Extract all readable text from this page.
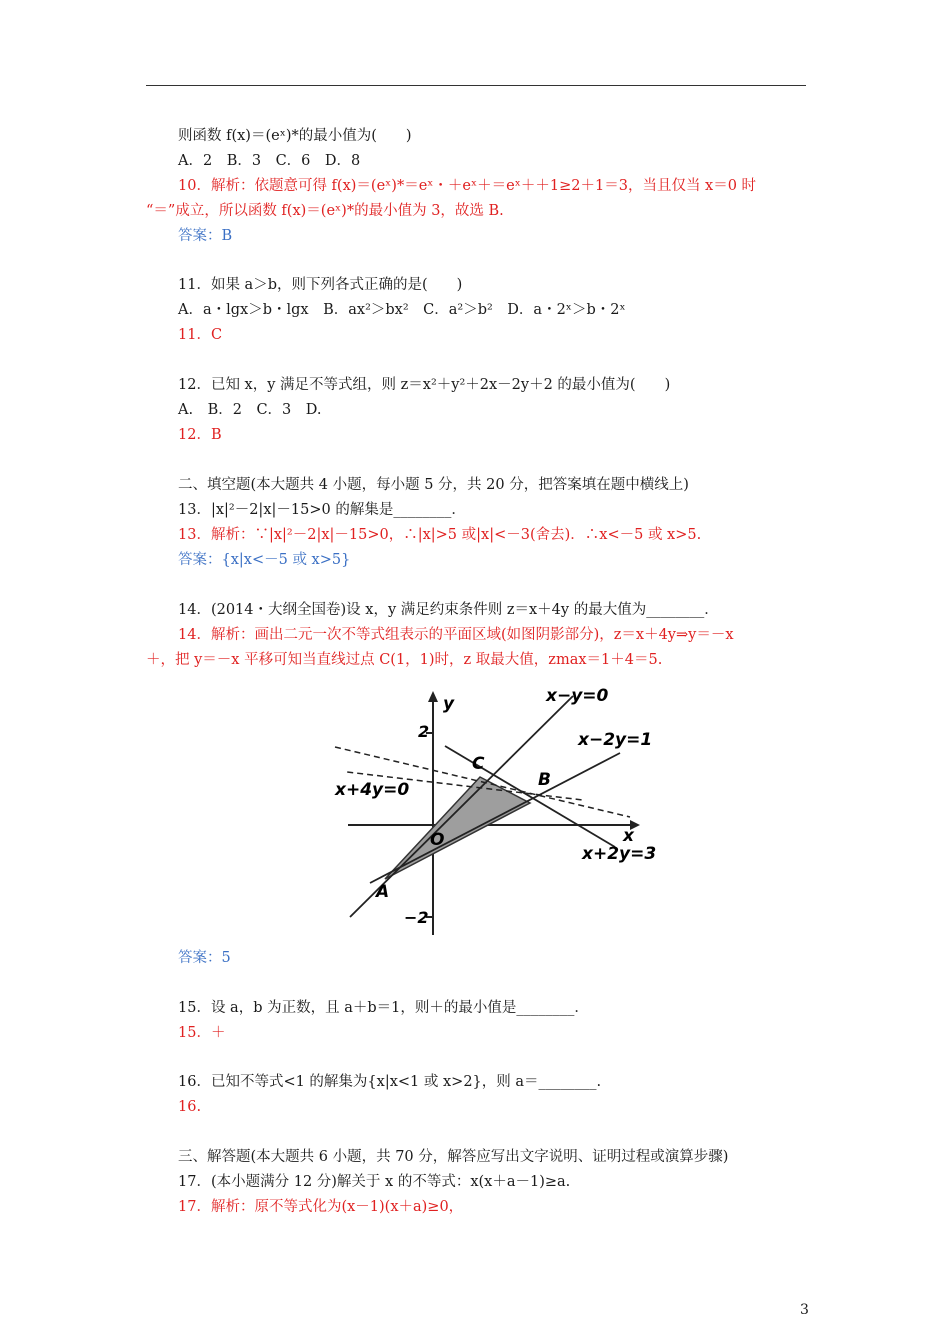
则函数 f(x)＝(eˣ)*的最小值为(　　)
A．2　B．3　C．6　D．8
10．解析：依题意可得 f(x)＝(eˣ)*＝eˣ・＋eˣ＋＝eˣ＋＋1≥2＋1＝3，当且仅当 x＝0 时
“＝”成立，所以函数 f(x)＝(eˣ)*的最小值为 3，故选 B.
答案：B
11．如果 a＞b，则下列各式正确的是(　　)
A．a・lgx＞b・lgx　B．ax²＞bx²　C．a²＞b²　D．a・2ˣ＞b・2ˣ
11．C
12．已知 x，y 满足不等式组，则 z＝x²＋y²＋2x－2y＋2 的最小值为(　　)
A.　B．2　C．3　D.
12．B
二、填空题(本大题共 4 小题，每小题 5 分，共 20 分，把答案填在题中横线上)
13．|x|²－2|x|－15>0 的解集是________．
13．解析：∵|x|²－2|x|－15>0，∴|x|>5 或|x|<－3(舍去)．∴x<－5 或 x>5.
答案：{x|x<－5 或 x>5}
14．(2014・大纲全国卷)设 x，y 满足约束条件则 z＝x＋4y 的最大值为________．
14．解析：画出二元一次不等式组表示的平面区域(如图阴影部分)，z＝x＋4y⇒y＝－x
＋，把 y＝－x 平移可知当直线过点 C(1，1)时，z 取最大值，zmax＝1＋4＝5.
y
x
O
2
−2
A
B
C
x−y=0
x−2y=1
x+4y=0
x+2y=3
答案：5
15．设 a，b 为正数，且 a＋b＝1，则＋的最小值是________．
15．＋
16．已知不等式<1 的解集为{x|x<1 或 x>2}，则 a＝________.
16.
三、解答题(本大题共 6 小题，共 70 分，解答应写出文字说明、证明过程或演算步骤)
17．(本小题满分 12 分)解关于 x 的不等式：x(x＋a－1)≥a.
17．解析：原不等式化为(x－1)(x＋a)≥0，
3
